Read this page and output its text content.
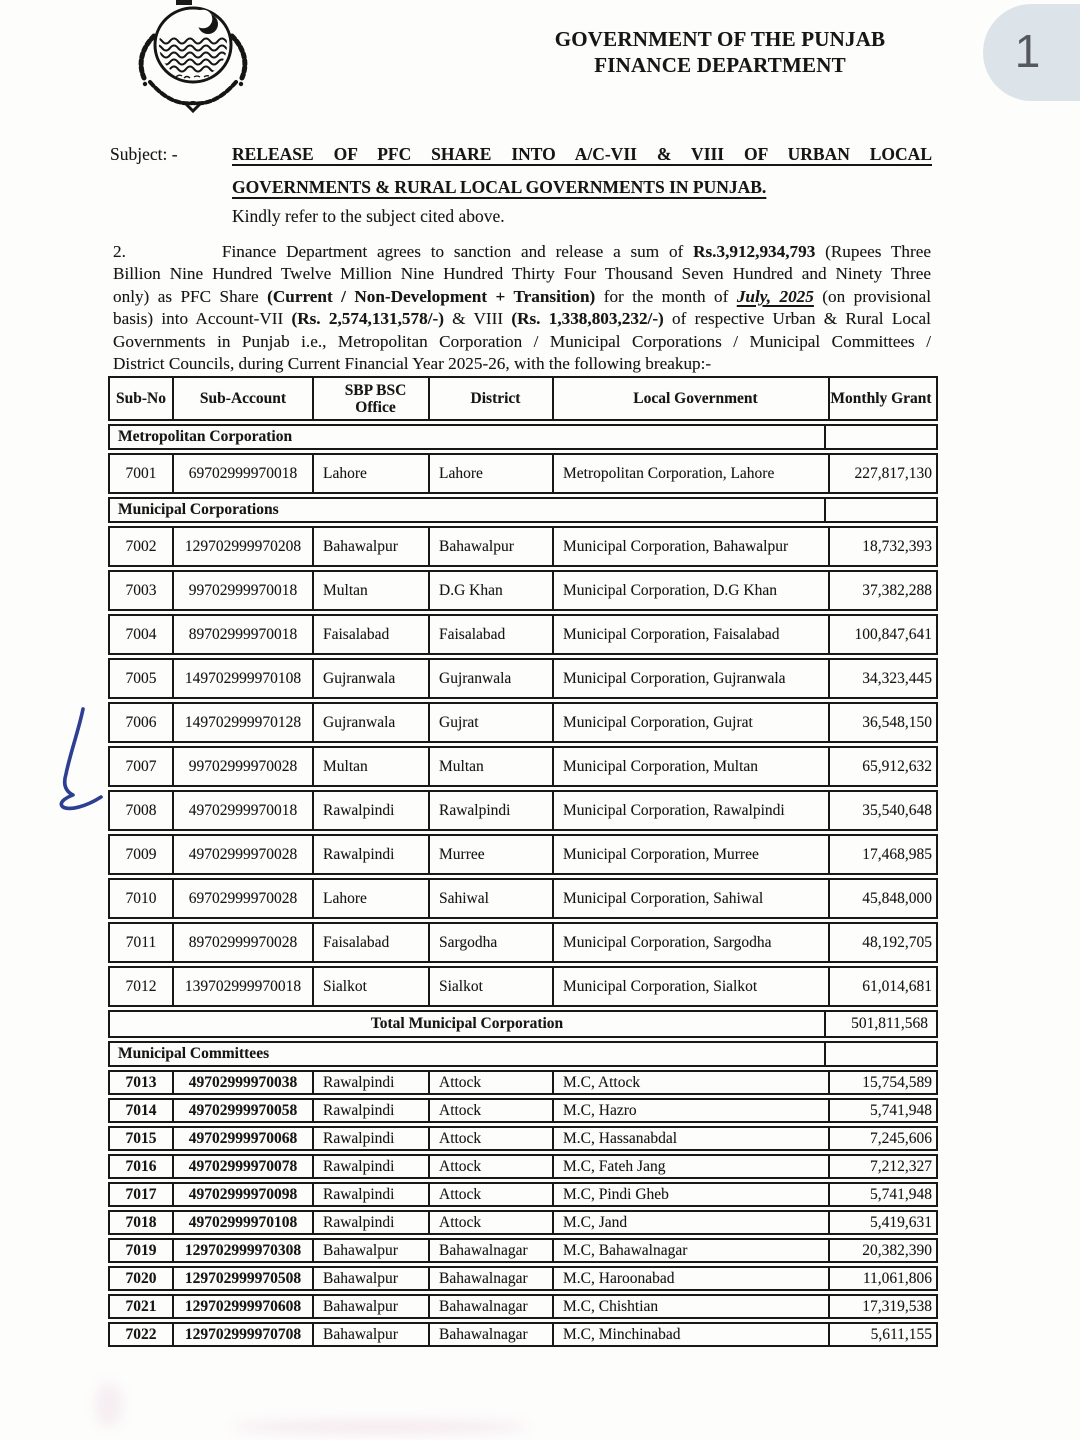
GOVERNMENT OF THE PUNJAB
FINANCE DEPARTMENT	1
Subject: -	RELEASE OF PFC SHARE INTO A/C-VII & VIII OF URBAN LOCAL
GOVERNMENTS & RURAL LOCAL GOVERNMENTS IN PUNJAB.
Kindly refer to the subject cited above.
2.	Finance Department agrees to sanction and release a sum of Rs.3,912,934,793 (Rupees Three
Billion Nine Hundred Twelve Million Nine Hundred Thirty Four Thousand Seven Hundred and Ninety Three
only) as PFC Share (Current / Non-Development + Transition) for the month of July, 2025 (on provisional
basis) into Account-VII (Rs. 2,574,131,578/-) & VIII (Rs. 1,338,803,232/-) of respective Urban & Rural Local
Governments in Punjab i.e., Metropolitan Corporation / Municipal Corporations / Municipal Committees /
District Councils, during Current Financial Year 2025-26, with the following breakup:-
Sub-No	Sub-Account	SBP BSC Office	District	Local Government	Monthly Grant
Metropolitan Corporation
7001	69702999970018	Lahore	Lahore	Metropolitan Corporation, Lahore	227,817,130
Municipal Corporations
7002	129702999970208	Bahawalpur	Bahawalpur	Municipal Corporation, Bahawalpur	18,732,393
7003	99702999970018	Multan	D.G Khan	Municipal Corporation, D.G Khan	37,382,288
7004	89702999970018	Faisalabad	Faisalabad	Municipal Corporation, Faisalabad	100,847,641
7005	149702999970108	Gujranwala	Gujranwala	Municipal Corporation, Gujranwala	34,323,445
7006	149702999970128	Gujranwala	Gujrat	Municipal Corporation, Gujrat	36,548,150
7007	99702999970028	Multan	Multan	Municipal Corporation, Multan	65,912,632
7008	49702999970018	Rawalpindi	Rawalpindi	Municipal Corporation, Rawalpindi	35,540,648
7009	49702999970028	Rawalpindi	Murree	Municipal Corporation, Murree	17,468,985
7010	69702999970028	Lahore	Sahiwal	Municipal Corporation, Sahiwal	45,848,000
7011	89702999970028	Faisalabad	Sargodha	Municipal Corporation, Sargodha	48,192,705
7012	139702999970018	Sialkot	Sialkot	Municipal Corporation, Sialkot	61,014,681
Total Municipal Corporation	501,811,568
Municipal Committees
7013	49702999970038	Rawalpindi	Attock	M.C, Attock	15,754,589
7014	49702999970058	Rawalpindi	Attock	M.C, Hazro	5,741,948
7015	49702999970068	Rawalpindi	Attock	M.C, Hassanabdal	7,245,606
7016	49702999970078	Rawalpindi	Attock	M.C, Fateh Jang	7,212,327
7017	49702999970098	Rawalpindi	Attock	M.C, Pindi Gheb	5,741,948
7018	49702999970108	Rawalpindi	Attock	M.C, Jand	5,419,631
7019	129702999970308	Bahawalpur	Bahawalnagar	M.C, Bahawalnagar	20,382,390
7020	129702999970508	Bahawalpur	Bahawalnagar	M.C, Haroonabad	11,061,806
7021	129702999970608	Bahawalpur	Bahawalnagar	M.C, Chishtian	17,319,538
7022	129702999970708	Bahawalpur	Bahawalnagar	M.C, Minchinabad	5,611,155
